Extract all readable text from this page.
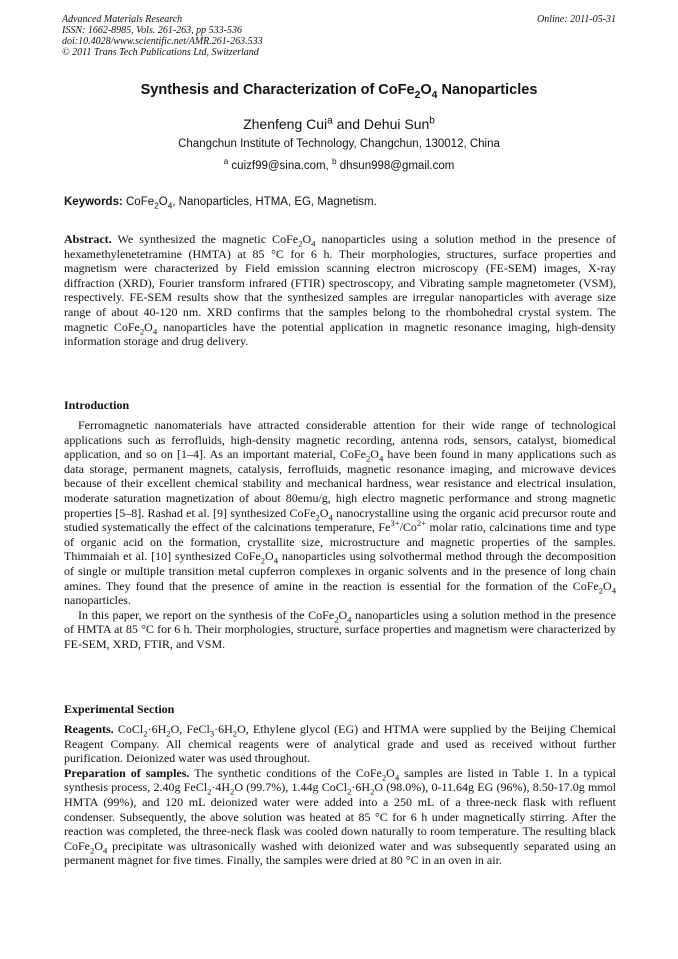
Advanced Materials Research
ISSN: 1662-8985, Vols. 261-263, pp 533-536
doi:10.4028/www.scientific.net/AMR.261-263.533
© 2011 Trans Tech Publications Ltd, Switzerland
Online: 2011-05-31
Synthesis and Characterization of $CoFe_2O_4$ Nanoparticles
Zhenfeng Cui$^a$ and Dehui Sun$^b$
Changchun Institute of Technology, Changchun, 130012, China
$^a$ cuizf99@sina.com, $^b$ dhsun998@gmail.com
Keywords: $CoFe_2O_4$, Nanoparticles, HTMA, EG, Magnetism.

Abstract. We synthesized the magnetic $CoFe_2O_4$ nanoparticles using a solution method in the presence of hexamethylenetetramine (HMTA) at 85 °C for 6 h. Their morphologies, structures, surface properties and magnetism were characterized by Field emission scanning electron microscopy (FE-SEM) images, X-ray diffraction (XRD), Fourier transform infrared (FTIR) spectroscopy, and Vibrating sample magnetometer (VSM), respectively. FE-SEM results show that the synthesized samples are irregular nanoparticles with average size range of about 40-120 nm. XRD confirms that the samples belong to the rhombohedral crystal system. The magnetic $CoFe_2O_4$ nanoparticles have the potential application in magnetic resonance imaging, high-density information storage and drug delivery.

Introduction

Ferromagnetic nanomaterials have attracted considerable attention for their wide range of technological applications such as ferrofluids, high-density magnetic recording, antenna rods, sensors, catalyst, biomedical application, and so on [1–4]. As an important material, $CoFe_2O_4$ have been found in many applications such as data storage, permanent magnets, catalysis, ferrofluids, magnetic resonance imaging, and microwave devices because of their excellent chemical stability and mechanical hardness, wear resistance and electrical insulation, moderate saturation magnetization of about 80emu/g, high electro magnetic performance and strong magnetic properties [5–8]. Rashad et al. [9] synthesized $CoFe_2O_4$ nanocrystalline using the organic acid precursor route and studied systematically the effect of the calcinations temperature, $Fe^{3+}/Co^{2+}$ molar ratio, calcinations time and type of organic acid on the formation, crystallite size, microstructure and magnetic properties of the samples. Thimmaiah et al. [10] synthesized $CoFe_2O_4$ nanoparticles using solvothermal method through the decomposition of single or multiple transition metal cupferron complexes in organic solvents and in the presence of long chain amines. They found that the presence of amine in the reaction is essential for the formation of the $CoFe_2O_4$ nanoparticles.

In this paper, we report on the synthesis of the $CoFe_2O_4$ nanoparticles using a solution method in the presence of HMTA at 85 °C for 6 h. Their morphologies, structure, surface properties and magnetism were characterized by FE-SEM, XRD, FTIR, and VSM.

Experimental Section

Reagents. $CoCl_2\cdot 6H_2O$, $FeCl_3\cdot 6H_2O$, Ethylene glycol (EG) and HTMA were supplied by the Beijing Chemical Reagent Company. All chemical reagents were of analytical grade and used as received without further purification. Deionized water was used throughout.

Preparation of samples. The synthetic conditions of the $CoFe_2O_4$ samples are listed in Table 1. In a typical synthesis process, 2.40g $FeCl_2\cdot 4H_2O$ (99.7%), 1.44g $CoCl_2\cdot 6H_2O$ (98.0%), 0-11.64g EG (96%), 8.50-17.0g mmol HMTA (99%), and 120 mL deionized water were added into a 250 mL of a three-neck flask with refluent condenser. Subsequently, the above solution was heated at 85 °C for 6 h under magnetically stirring. After the reaction was completed, the three-neck flask was cooled down naturally to room temperature. The resulting black $CoFe_2O_4$ precipitate was ultrasonically washed with deionized water and was subsequently separated using an permanent magnet for five times. Finally, the samples were dried at 80 °C in an oven in air.
